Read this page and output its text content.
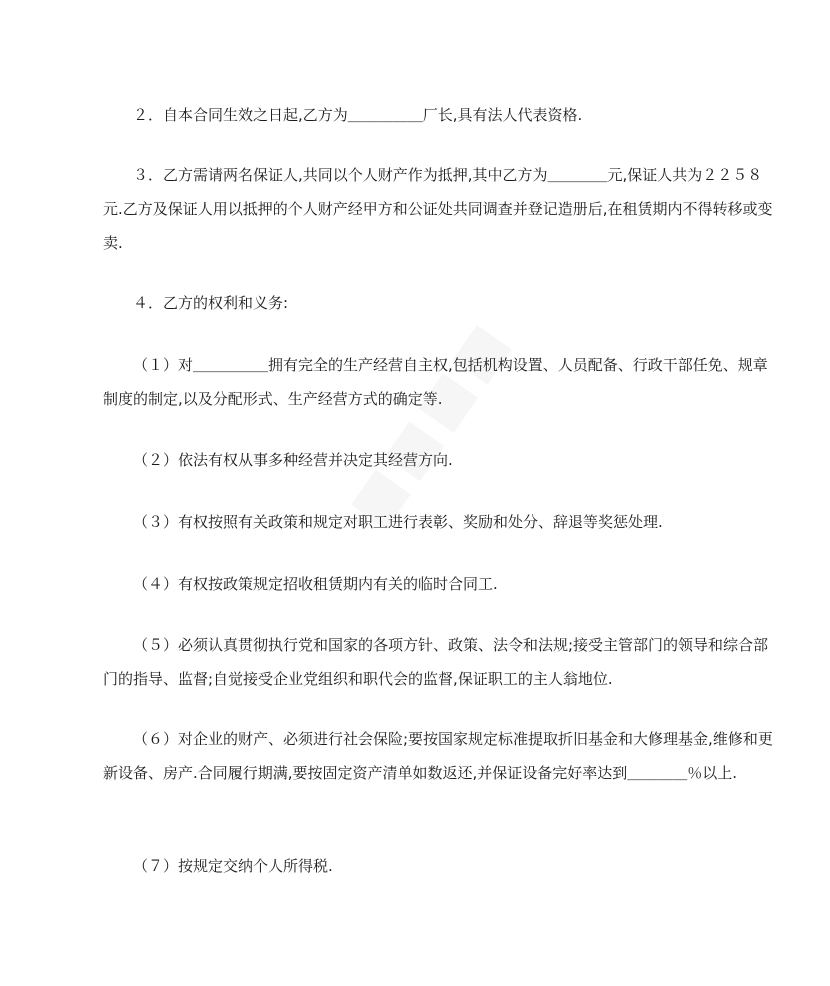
２．自本合同生效之日起,乙方为＿＿＿＿＿厂长,具有法人代表资格.

３．乙方需请两名保证人,共同以个人财产作为抵押,其中乙方为＿＿＿＿元,保证人共为２２５８元.乙方及保证人用以抵押的个人财产经甲方和公证处共同调查并登记造册后,在租赁期内不得转移或变卖.

４．乙方的权利和义务:

（１）对＿＿＿＿＿拥有完全的生产经营自主权,包括机构设置、人员配备、行政干部任免、规章制度的制定,以及分配形式、生产经营方式的确定等.

（２）依法有权从事多种经营并决定其经营方向.

（３）有权按照有关政策和规定对职工进行表彰、奖励和处分、辞退等奖惩处理.

（４）有权按政策规定招收租赁期内有关的临时合同工.

（５）必须认真贯彻执行党和国家的各项方针、政策、法令和法规;接受主管部门的领导和综合部门的指导、监督;自觉接受企业党组织和职代会的监督,保证职工的主人翁地位.

（６）对企业的财产、必须进行社会保险;要按国家规定标准提取折旧基金和大修理基金,维修和更新设备、房产.合同履行期满,要按固定资产清单如数返还,并保证设备完好率达到＿＿＿＿％以上.

（７）按规定交纳个人所得税.
